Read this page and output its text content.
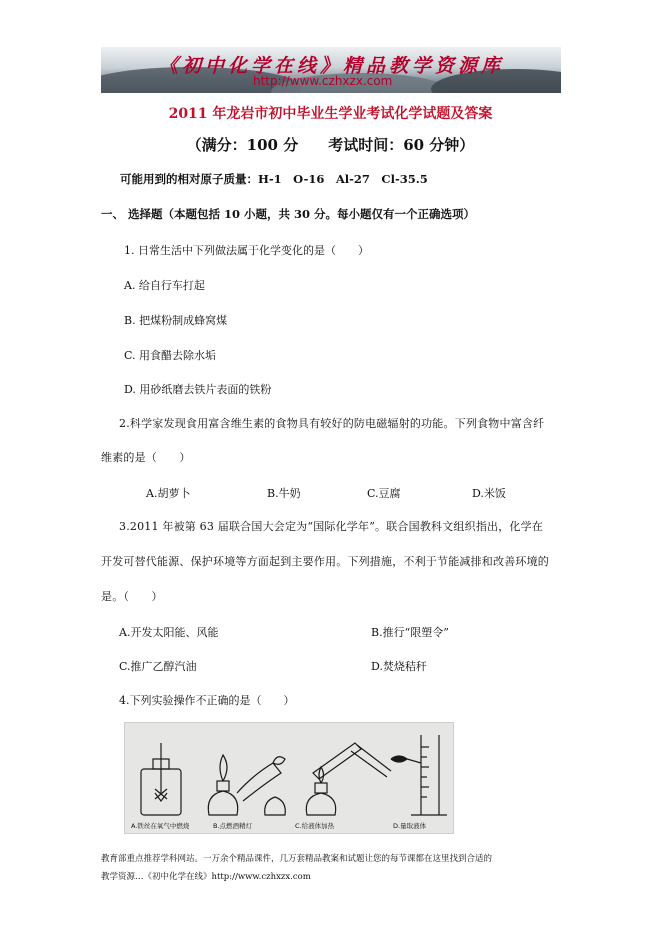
《初中化学在线》精品教学资源库
http://www.czhxzx.com
2011 年龙岩市初中毕业生学业考试化学试题及答案
（满分：100 分　　考试时间：60 分钟）
可能用到的相对原子质量：H-1　O-16　Al-27　Cl-35.5
一、 选择题（本题包括 10 小题，共 30 分。每小题仅有一个正确选项）
1. 日常生活中下列做法属于化学变化的是（　　）
A. 给自行车打起
B. 把煤粉制成蜂窝煤
C. 用食醋去除水垢
D. 用砂纸磨去铁片表面的铁粉
2.科学家发现食用富含维生素的食物具有较好的防电磁辐射的功能。下列食物中富含纤
维素的是（　　）
A.胡萝卜	B.牛奶	C.豆腐	D.米饭
3.2011 年被第 63 届联合国大会定为“国际化学年”。联合国教科文组织指出，化学在
开发可替代能源、保护环境等方面起到主要作用。下列措施，不利于节能减排和改善环境的
是。（　　）
A.开发太阳能、风能	B.推行“限塑令”
C.推广乙醇汽油	D.焚烧秸秆
4.下列实验操作不正确的是（　　）
A.铁丝在氧气中燃烧	B.点燃酒精灯	C.给液体加热	D.量取液体
教育部重点推荐学科网站。一万余个精品课件，几万套精品教案和试题让您的每节课都在这里找到合适的
教学资源…《初中化学在线》http://www.czhxzx.com
